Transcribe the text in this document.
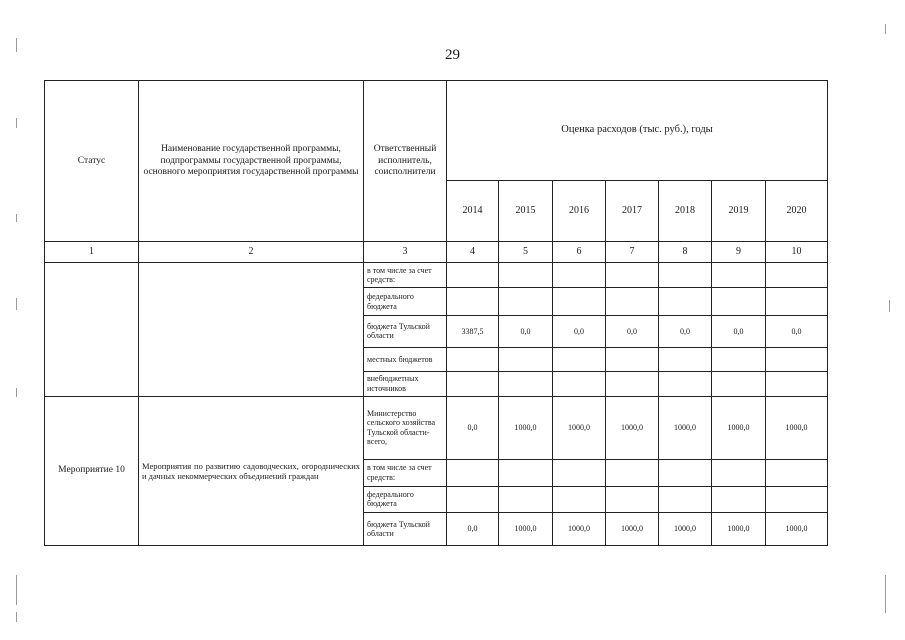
29
Статус	Наименование государственной программы, подпрограммы государственной программы, основного мероприятия государственной программы	Ответственный исполнитель, соисполнители	Оценка расходов (тыс. руб.), годы						
			2014	2015	2016	2017	2018	2019	2020
1	2	3	4	5	6	7	8	9	10
		в том числе за счет средств:							
		федерального бюджета							
		бюджета Тульской области	3387,5	0,0	0,0	0,0	0,0	0,0	0,0
		местных бюджетов							
		внебюджетных источников							
Мероприятие 10	Мероприятия по развитию садоводческих, огороднических и дачных некоммерческих объединений граждан	Министерство сельского хозяйства Тульской области- всего,	0,0	1000,0	1000,0	1000,0	1000,0	1000,0	1000,0
		в том числе за счет средств:							
		федерального бюджета							
		бюджета Тульской области	0,0	1000,0	1000,0	1000,0	1000,0	1000,0	1000,0
